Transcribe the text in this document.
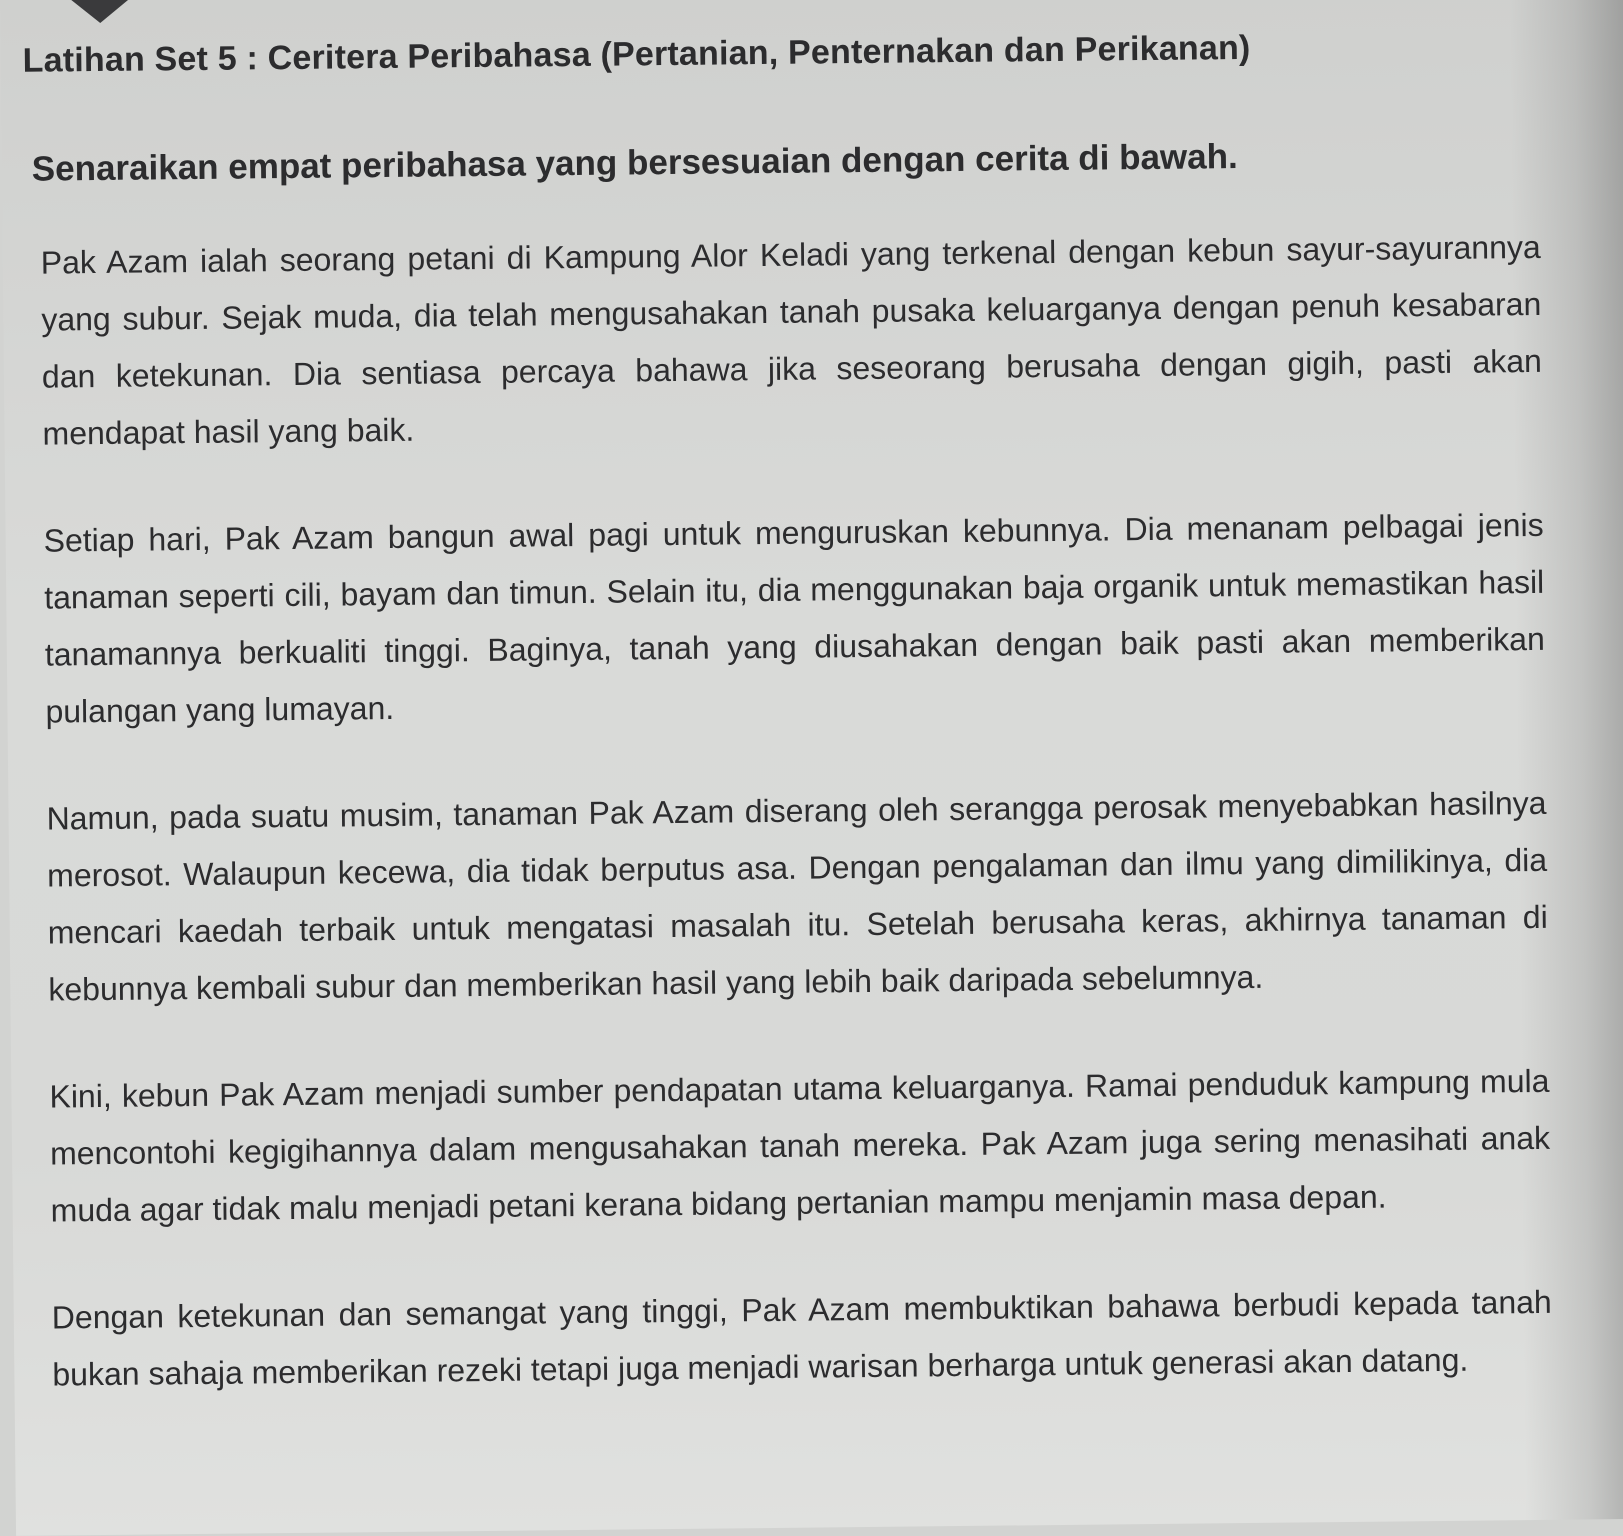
Latihan Set 5 : Ceritera Peribahasa (Pertanian, Penternakan dan Perikanan)
Senaraikan empat peribahasa yang bersesuaian dengan cerita di bawah.

Pak Azam ialah seorang petani di Kampung Alor Keladi yang terkenal dengan kebun sayur-sayurannya yang subur. Sejak muda, dia telah mengusahakan tanah pusaka keluarganya dengan penuh kesabaran dan ketekunan. Dia sentiasa percaya bahawa jika seseorang berusaha dengan gigih, pasti akan mendapat hasil yang baik.

Setiap hari, Pak Azam bangun awal pagi untuk menguruskan kebunnya. Dia menanam pelbagai jenis tanaman seperti cili, bayam dan timun. Selain itu, dia menggunakan baja organik untuk memastikan hasil tanamannya berkualiti tinggi. Baginya, tanah yang diusahakan dengan baik pasti akan memberikan pulangan yang lumayan.

Namun, pada suatu musim, tanaman Pak Azam diserang oleh serangga perosak menyebabkan hasilnya merosot. Walaupun kecewa, dia tidak berputus asa. Dengan pengalaman dan ilmu yang dimilikinya, dia mencari kaedah terbaik untuk mengatasi masalah itu. Setelah berusaha keras, akhirnya tanaman di kebunnya kembali subur dan memberikan hasil yang lebih baik daripada sebelumnya.

Kini, kebun Pak Azam menjadi sumber pendapatan utama keluarganya. Ramai penduduk kampung mula mencontohi kegigihannya dalam mengusahakan tanah mereka. Pak Azam juga sering menasihati anak muda agar tidak malu menjadi petani kerana bidang pertanian mampu menjamin masa depan.

Dengan ketekunan dan semangat yang tinggi, Pak Azam membuktikan bahawa berbudi kepada tanah bukan sahaja memberikan rezeki tetapi juga menjadi warisan berharga untuk generasi akan datang.
